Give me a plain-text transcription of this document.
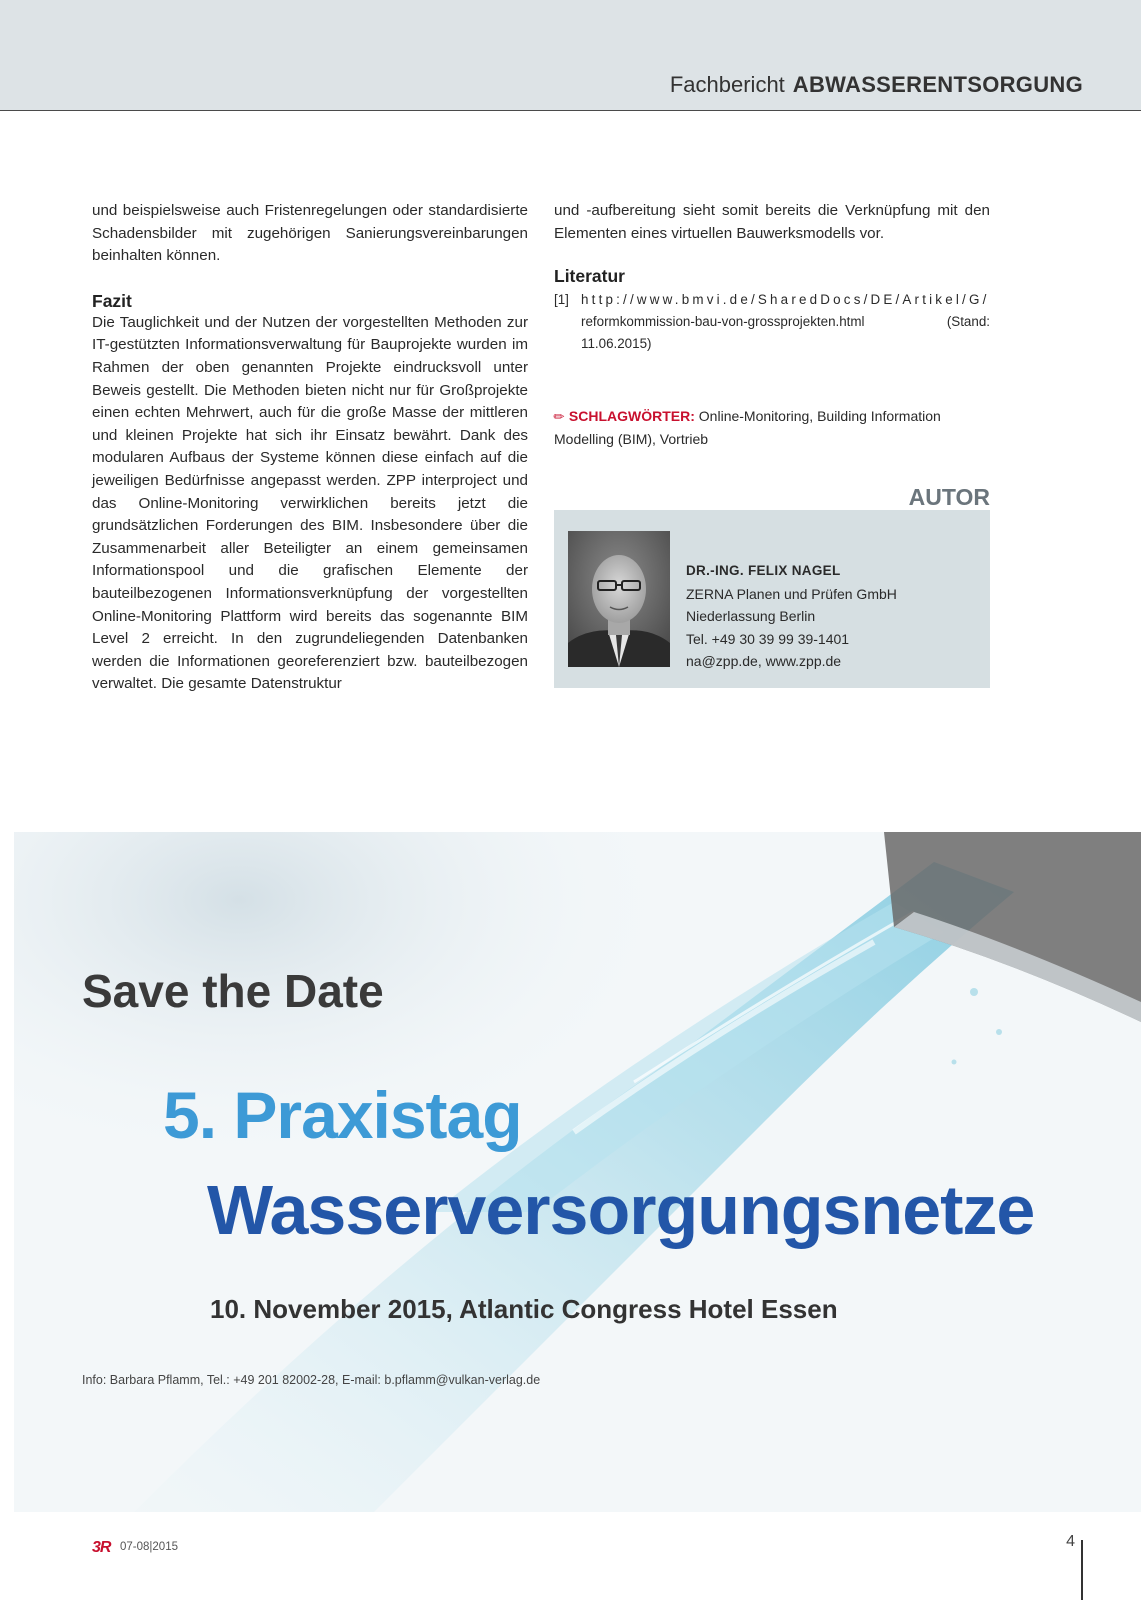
Fachbericht ABWASSERENTSORGUNG

und beispielsweise auch Fristenregelungen oder standardisierte Schadensbilder mit zugehörigen Sanierungsvereinbarungen beinhalten können.

Fazit

Die Tauglichkeit und der Nutzen der vorgestellten Methoden zur IT-gestützten Informationsverwaltung für Bauprojekte wurden im Rahmen der oben genannten Projekte eindrucksvoll unter Beweis gestellt. Die Methoden bieten nicht nur für Großprojekte einen echten Mehrwert, auch für die große Masse der mittleren und kleinen Projekte hat sich ihr Einsatz bewährt. Dank des modularen Aufbaus der Systeme können diese einfach auf die jeweiligen Bedürfnisse angepasst werden. ZPP interproject und das Online-Monitoring verwirklichen bereits jetzt die grundsätzlichen Forderungen des BIM. Insbesondere über die Zusammenarbeit aller Beteiligter an einem gemeinsamen Informationspool und die grafischen Elemente der bauteilbezogenen Informationsverknüpfung der vorgestellten Online-Monitoring Plattform wird bereits das sogenannte BIM Level 2 erreicht. In den zugrundeliegenden Datenbanken werden die Informationen georeferenziert bzw. bauteilbezogen verwaltet. Die gesamte Datenstruktur

und -aufbereitung sieht somit bereits die Verknüpfung mit den Elementen eines virtuellen Bauwerksmodells vor.

Literatur
[1] http://www.bmvi.de/SharedDocs/DE/Artikel/G/
reformkommission-bau-von-grossprojekten.html (Stand:
11.06.2015)
✎SCHLAGWÖRTER: Online-Monitoring, Building Information Modelling (BIM), Vortrieb
AUTOR
DR.-ING. FELIX NAGEL
ZERNA Planen und Prüfen GmbH
Niederlassung Berlin
Tel. +49 30 39 99 39-1401
na@zpp.de, www.zpp.de
Save the Date
5. Praxistag
Wasserversorgungsnetze
10. November 2015, Atlantic Congress Hotel Essen
Info: Barbara Pflamm, Tel.: +49 201 82002-28, E-mail: b.pflamm@vulkan-verlag.de
3R 07-08|2015	4
